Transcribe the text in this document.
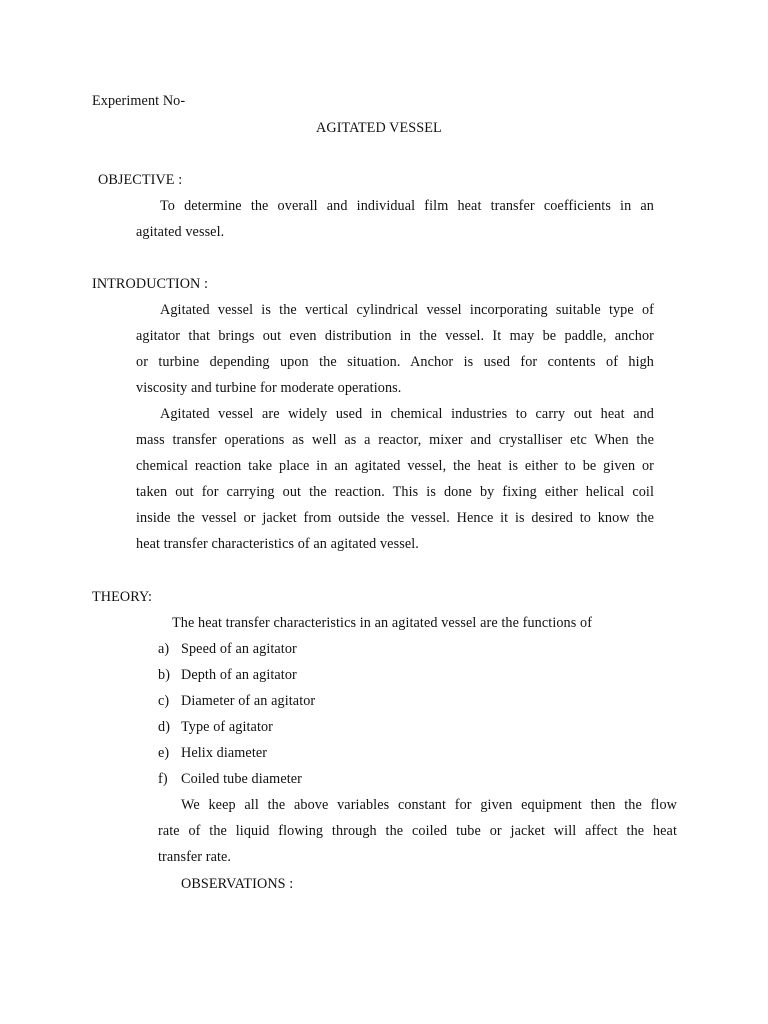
Experiment No-
AGITATED VESSEL
OBJECTIVE :
To determine the overall and individual film heat transfer coefficients in an
agitated vessel.
INTRODUCTION :
Agitated vessel is the vertical cylindrical vessel incorporating suitable type of
agitator that brings out even distribution in the vessel. It may be paddle, anchor
or turbine depending upon the situation. Anchor is used for contents of high
viscosity and turbine for moderate operations.
Agitated vessel are widely used in chemical industries to carry out heat and
mass transfer operations as well as a reactor, mixer and crystalliser etc When the
chemical reaction take place in an agitated vessel, the heat is either to be given or
taken out for carrying out the reaction. This is done by fixing either helical coil
inside the vessel or jacket from outside the vessel. Hence it is desired to know the
heat transfer characteristics of an agitated vessel.
THEORY:
The heat transfer characteristics in an agitated vessel are the functions of
a) Speed of an agitator
b) Depth of an agitator
c) Diameter of an agitator
d) Type of agitator
e) Helix diameter
f) Coiled tube diameter
We keep all the above variables constant for given equipment then the flow
rate of the liquid flowing through the coiled tube or jacket will affect the heat
transfer rate.
OBSERVATIONS :
